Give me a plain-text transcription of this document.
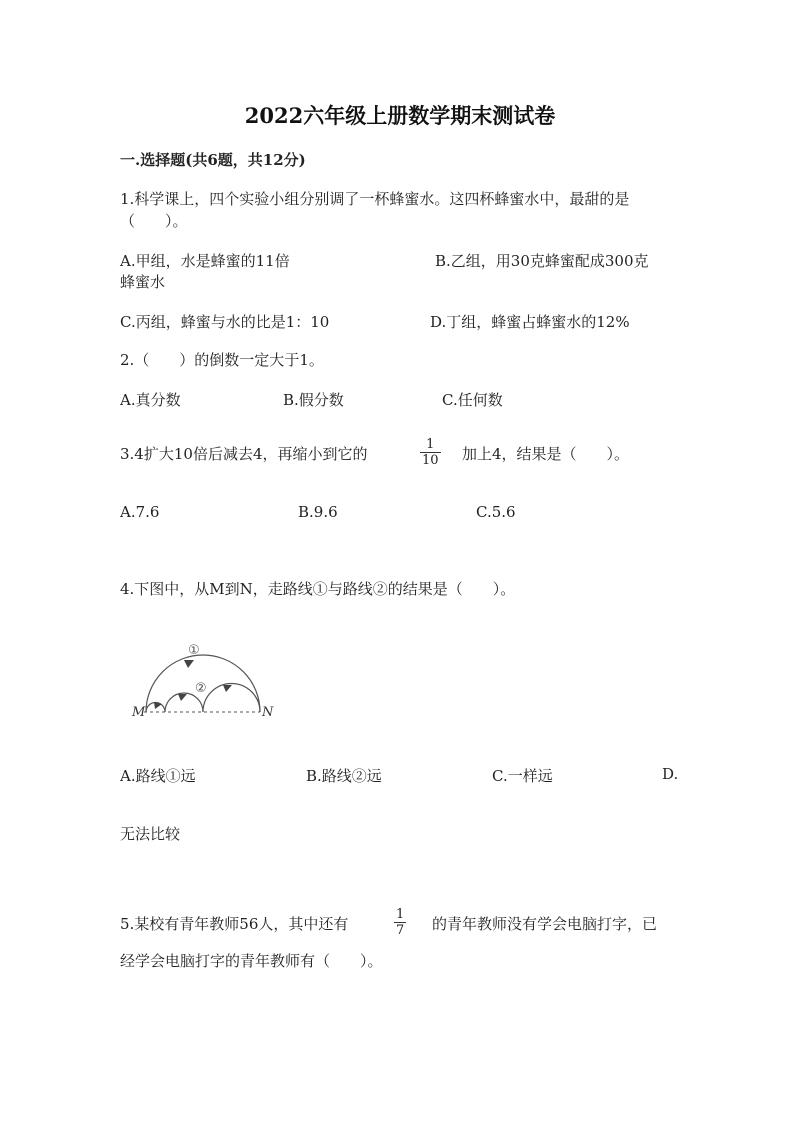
2022六年级上册数学期末测试卷
一.选择题(共6题，共12分)
1.科学课上，四个实验小组分别调了一杯蜂蜜水。这四杯蜂蜜水中，最甜的是（　　）。
A.甲组，水是蜂蜜的11倍	B.乙组，用30克蜂蜜配成300克
蜂蜜水
C.丙组，蜂蜜与水的比是1：10	D.丁组，蜂蜜占蜂蜜水的12%
2.（　　）的倒数一定大于1。
A.真分数	B.假分数	C.任何数
3.4扩大10倍后减去4，再缩小到它的
1
10 加上4，结果是（　　）。
A.7.6	B.9.6	C.5.6
4.下图中，从M到N，走路线①与路线②的结果是（　　）。
①
②
M	N
A.路线①远	B.路线②远	C.一样远	D.
无法比较
5.某校有青年教师56人，其中还有
1
7 的青年教师没有学会电脑打字，已
经学会电脑打字的青年教师有（　　）。
